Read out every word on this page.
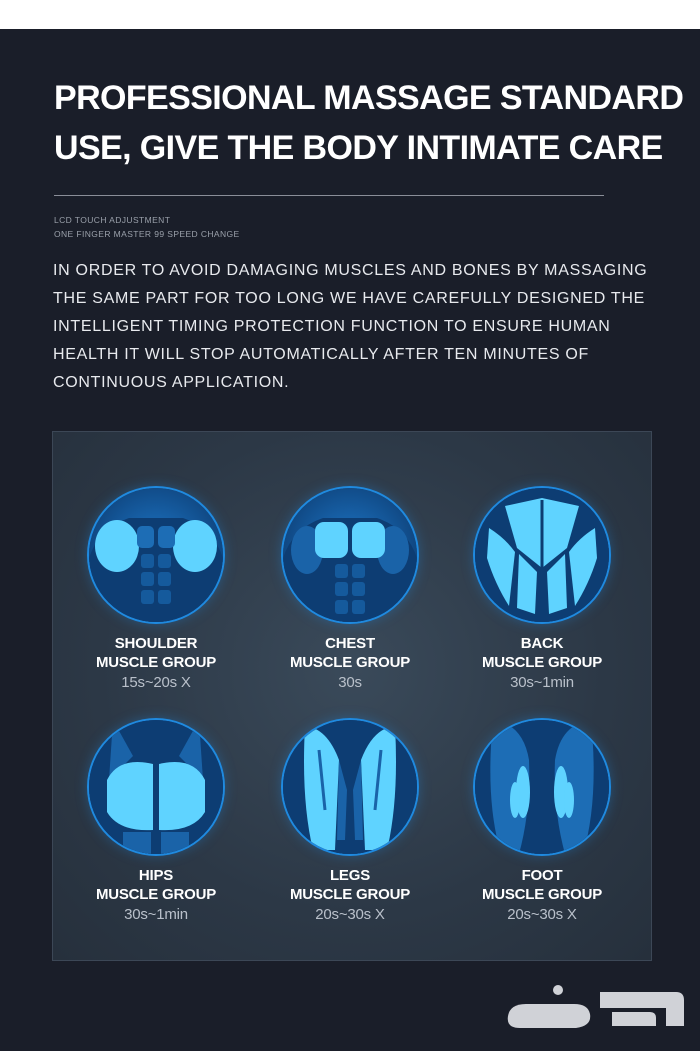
PROFESSIONAL MASSAGE STANDARD
USE, GIVE THE BODY INTIMATE CARE
LCD TOUCH ADJUSTMENT
ONE FINGER MASTER 99 SPEED CHANGE
IN ORDER TO AVOID DAMAGING MUSCLES AND BONES BY MASSAGING
THE SAME PART FOR TOO LONG WE HAVE CAREFULLY DESIGNED THE
INTELLIGENT TIMING PROTECTION FUNCTION TO ENSURE HUMAN
HEALTH IT WILL STOP AUTOMATICALLY AFTER TEN MINUTES OF
CONTINUOUS APPLICATION.
SHOULDER
MUSCLE GROUP
15s~20s X
CHEST
MUSCLE GROUP
30s
BACK
MUSCLE GROUP
30s~1min
HIPS
MUSCLE GROUP
30s~1min
LEGS
MUSCLE GROUP
20s~30s X
FOOT
MUSCLE GROUP
20s~30s X
